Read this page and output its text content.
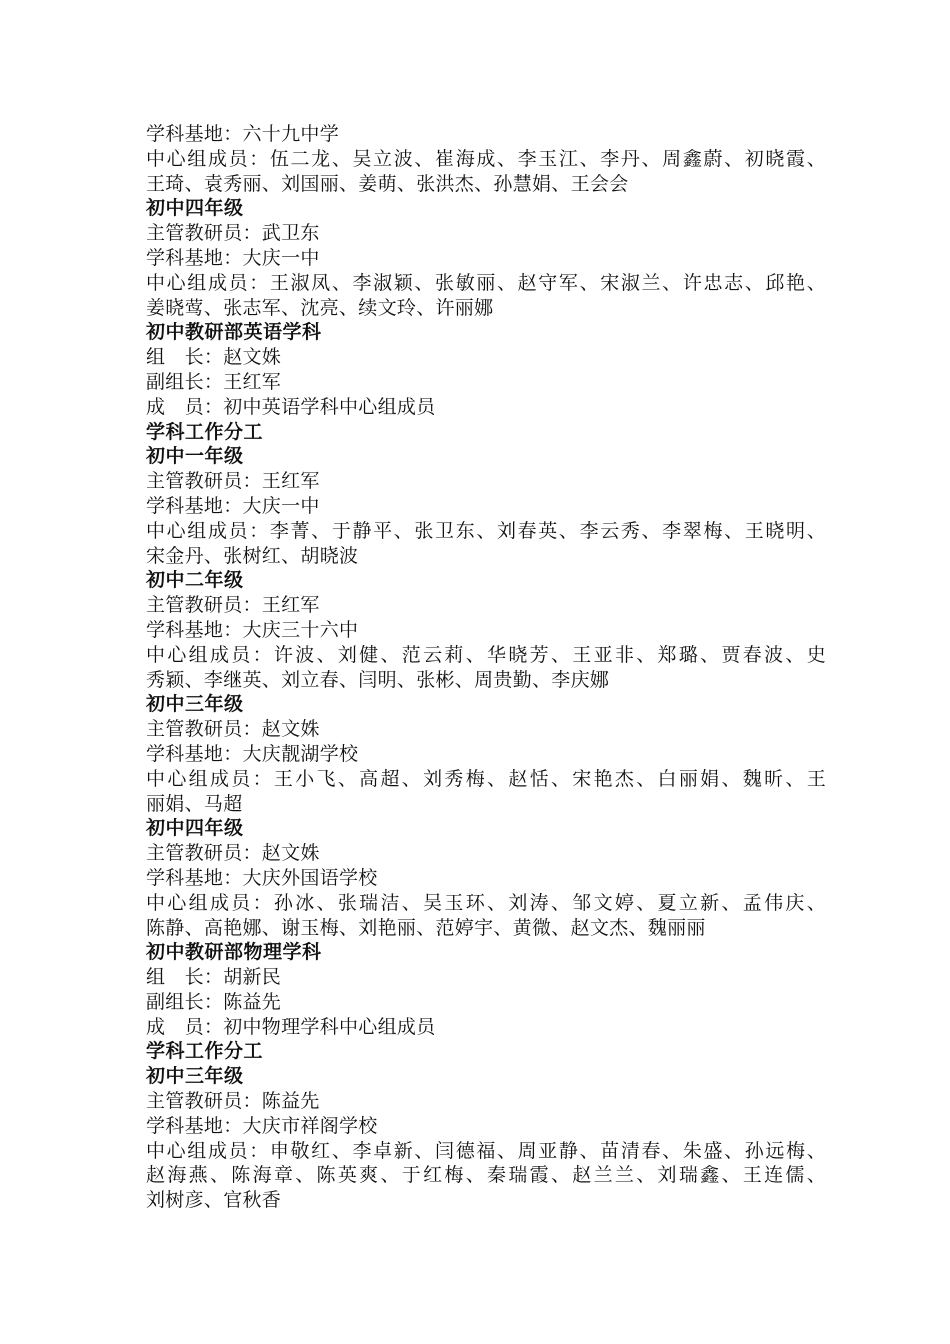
学科基地：六十九中学
中心组成员：伍二龙、吴立波、崔海成、李玉江、李丹、周鑫蔚、初晓霞、
王琦、袁秀丽、刘国丽、姜萌、张洪杰、孙慧娟、王会会
初中四年级
主管教研员：武卫东
学科基地：大庆一中
中心组成员：王淑凤、李淑颖、张敏丽、赵守军、宋淑兰、许忠志、邱艳、
姜晓莺、张志军、沈亮、续文玲、许丽娜
初中教研部英语学科
组　长：赵文姝
副组长：王红军
成　员：初中英语学科中心组成员
学科工作分工
初中一年级
主管教研员：王红军
学科基地：大庆一中
中心组成员：李菁、于静平、张卫东、刘春英、李云秀、李翠梅、王晓明、
宋金丹、张树红、胡晓波
初中二年级
主管教研员：王红军
学科基地：大庆三十六中
中心组成员：许波、刘健、范云莉、华晓芳、王亚非、郑璐、贾春波、史
秀颖、李继英、刘立春、闫明、张彬、周贵勤、李庆娜
初中三年级
主管教研员：赵文姝
学科基地：大庆靓湖学校
中心组成员：王小飞、高超、刘秀梅、赵恬、宋艳杰、白丽娟、魏昕、王
丽娟、马超
初中四年级
主管教研员：赵文姝
学科基地：大庆外国语学校
中心组成员：孙冰、张瑞洁、吴玉环、刘涛、邹文婷、夏立新、孟伟庆、
陈静、高艳娜、谢玉梅、刘艳丽、范婷宇、黄微、赵文杰、魏丽丽
初中教研部物理学科
组　长：胡新民
副组长：陈益先
成　员：初中物理学科中心组成员
学科工作分工
初中三年级
主管教研员：陈益先
学科基地：大庆市祥阁学校
中心组成员：申敬红、李卓新、闫德福、周亚静、苗清春、朱盛、孙远梅、
赵海燕、陈海章、陈英爽、于红梅、秦瑞霞、赵兰兰、刘瑞鑫、王连儒、
刘树彦、官秋香
